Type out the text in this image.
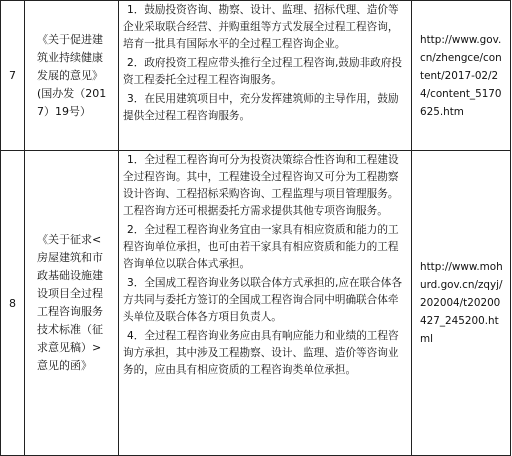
7	《关于促进建筑业持续健康发展的意见》(国办发（2017）19号）	1．鼓励投资咨询、勘察、设计、监理、招标代理、造价等企业采取联合经营、并购重组等方式发展全过程工程咨询，培育一批具有国际水平的全过程工程咨询企业。

2．政府投资工程应带头推行全过程工程咨询,鼓励非政府投资工程委托全过程工程咨询服务。

3．在民用建筑项目中，充分发挥建筑师的主导作用，鼓励提供全过程工程咨询服务。	http://www.gov.cn/zhengce/content/2017-02/24/content_5170625.htm
8	《关于征求<房屋建筑和市政基础设施建设项目全过程工程咨询服务技术标准（征求意见稿）>意见的函》	1．全过程工程咨询可分为投资决策综合性咨询和工程建设全过程咨询。其中，工程建设全过程咨询又可分为工程勘察设计咨询、工程招标采购咨询、工程监理与项目管理服务。工程咨询方还可根据委托方需求提供其他专项咨询服务。

2．全过程工程咨询业务宜由一家具有相应资质和能力的工程咨询单位承担，也可由若干家具有相应资质和能力的工程咨询单位以联合体式承担。

3．全国成工程咨询业务以联合体方式承担的,应在联合体各方共同与委托方签订的全国成工程咨询合同中明确联合体牵头单位及联合体各方項目负责人。

4．全过程工程咨询业务应由具有响应能力和业绩的工程咨询方承担，其中涉及工程勘察、设计、监理、造价等咨询业务的，应由具有相应资质的工程咨询类单位承担。	http://www.mohurd.gov.cn/zqyj/202004/t20200427_245200.html
